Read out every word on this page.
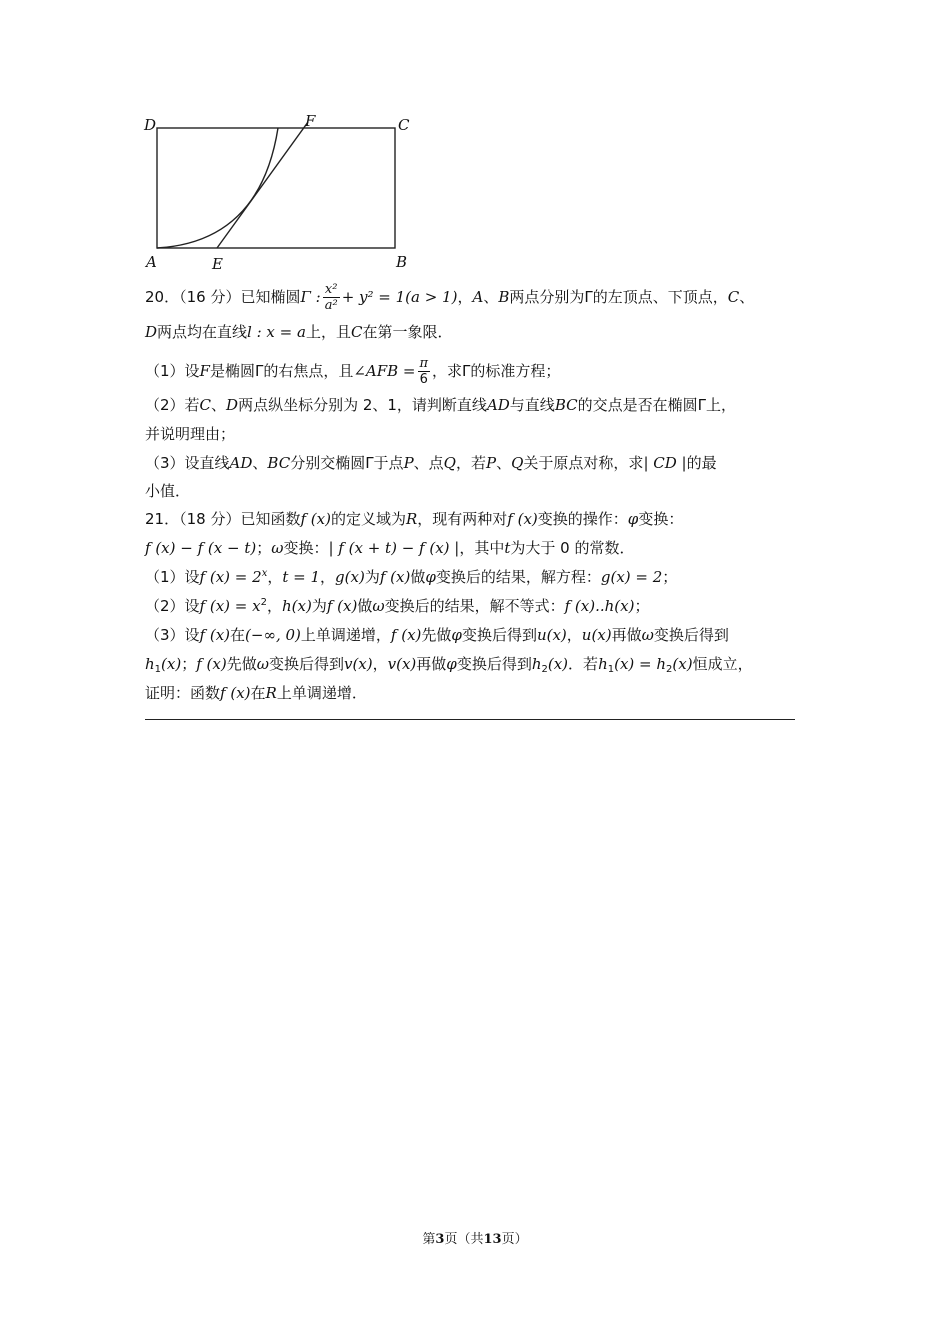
D	F	C
A	E	B
20．（16 分）已知椭圆Γ : $\frac{\text{x²}}{\text{a²}} + y^2 = 1(a > 1)$，A、B两点分别为Γ的左顶点、下顶点，C、
D两点均在直线l : x = a上，且C在第一象限．
（1）设F是椭圆Γ的右焦点，且∠AFB = $\frac{\pi}{6}$ ，求Γ的标准方程；
（2）若C、D两点纵坐标分别为 2、1，请判断直线AD与直线BC的交点是否在椭圆Γ上，
并说明理由；
（3）设直线AD、BC分别交椭圆Γ于点P、点Q，若P、Q关于原点对称，求| CD |的最
小值．
21．（18 分）已知函数f (x)的定义域为R，现有两种对f (x)变换的操作：φ变换：
f (x) − f (x − t)；ω变换：| f (x + t) − f (x) |，其中t为大于 0 的常数．
（1）设f $(x) = 2^x$，t = 1，g(x)为f (x)做φ变换后的结果，解方程：g(x) = 2；
（2）设f $(x) = x^2$，h(x)为f (x)做ω变换后的结果，解不等式：f (x)..h(x)；
（3）设f (x)在(−∞, 0)上单调递增，f (x)先做φ变换后得到u(x)，u(x)再做ω变换后得到
$h_1(x)$；f (x)先做ω变换后得到v(x)，v(x)再做φ变换后得到$h_2(x)$．若$h_1(x) = h_2(x)$恒成立，
证明：函数f (x)在R上单调递增．
第3页（共13页）
